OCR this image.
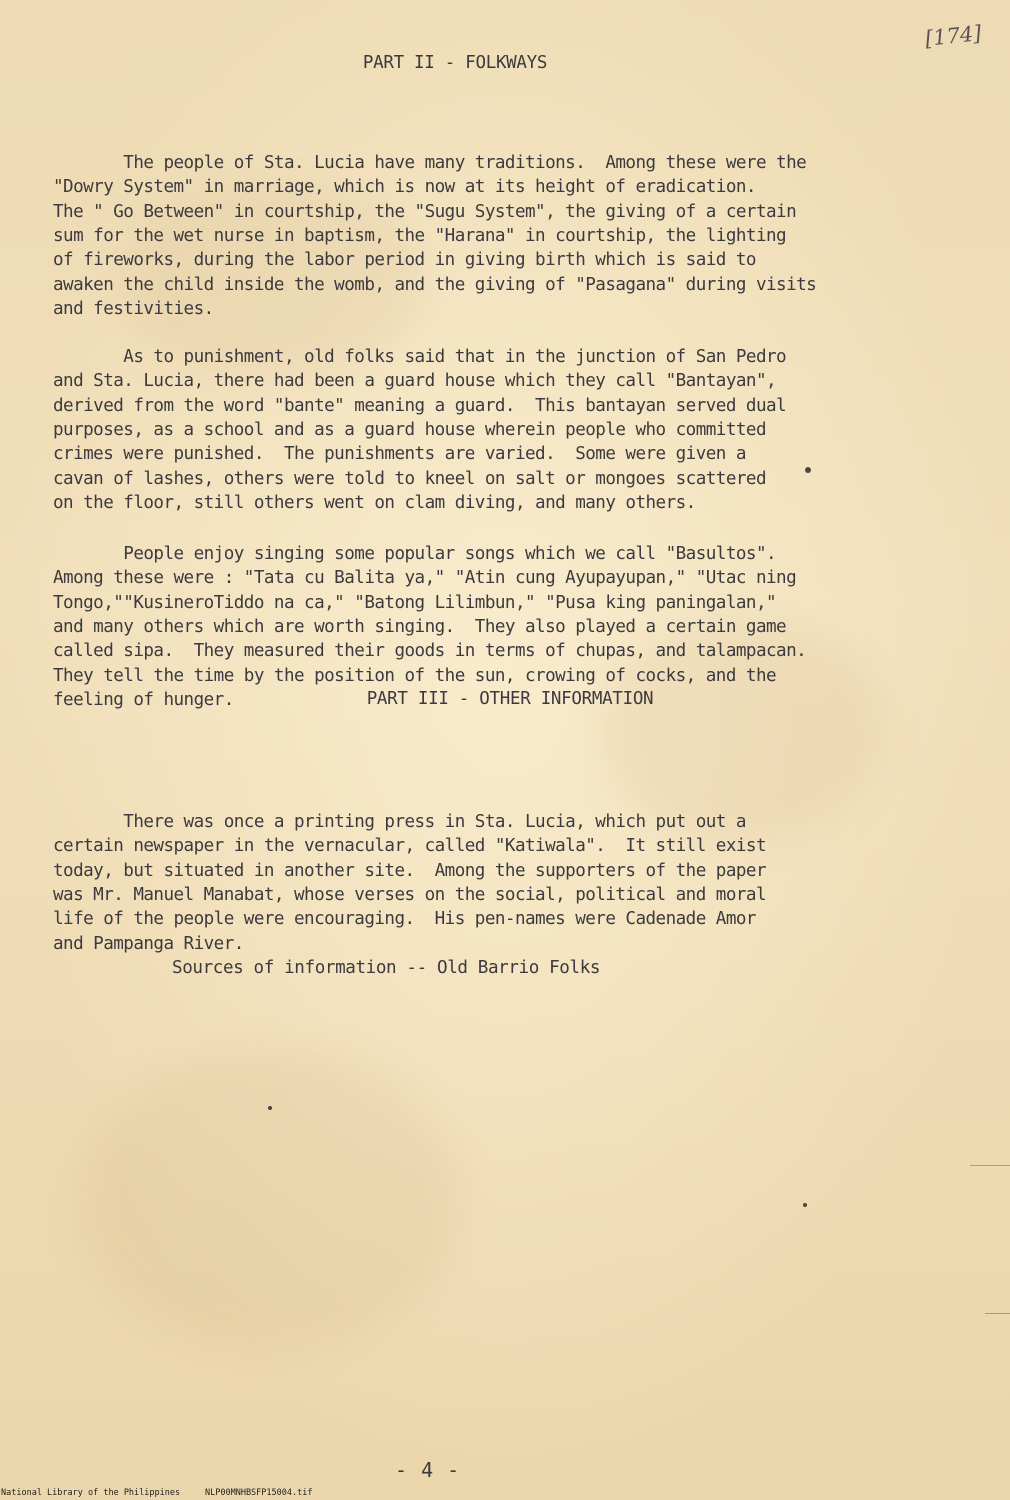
[174]
PART II - FOLKWAYS

The people of Sta. Lucia have many traditions.  Among these were the
"Dowry System" in marriage, which is now at its height of eradication.
The " Go Between" in courtship, the "Sugu System", the giving of a certain
sum for the wet nurse in baptism, the "Harana" in courtship, the lighting
of fireworks, during the labor period in giving birth which is said to
awaken the child inside the womb, and the giving of "Pasagana" during visits
and festivities.

As to punishment, old folks said that in the junction of San Pedro
and Sta. Lucia, there had been a guard house which they call "Bantayan",
derived from the word "bante" meaning a guard.  This bantayan served dual
purposes, as a school and as a guard house wherein people who committed
crimes were punished.  The punishments are varied.  Some were given a
cavan of lashes, others were told to kneel on salt or mongoes scattered
on the floor, still others went on clam diving, and many others.

People enjoy singing some popular songs which we call "Basultos".
Among these were : "Tata cu Balita ya," "Atin cung Ayupayupan," "Utac ning
Tongo,""KusineroTiddo na ca," "Batong Lilimbun," "Pusa king paningalan,"
and many others which are worth singing.  They also played a certain game
called sipa.  They measured their goods in terms of chupas, and talampacan.
They tell the time by the position of the sun, crowing of cocks, and the
feeling of hunger.

	PART III - OTHER INFORMATION

There was once a printing press in Sta. Lucia, which put out a
certain newspaper in the vernacular, called "Katiwala".  It still exist
today, but situated in another site.  Among the supporters of the paper
was Mr. Manuel Manabat, whose verses on the social, political and moral
life of the people were encouraging.  His pen-names were Cadenade Amor
and Pampanga River.

Sources of information -- Old Barrio Folks
- 4 -

National Library of the Philippines

	NLP00MNHBSFP15004.tif
